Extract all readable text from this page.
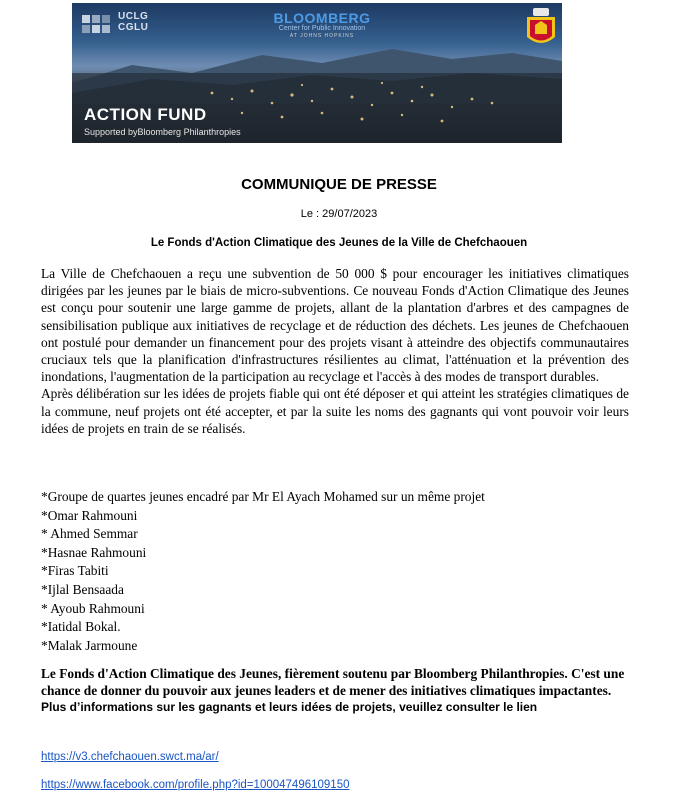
UCLG
CGLU
BLOOMBERG
Center for Public Innovation
AT JOHNS HOPKINS
ACTION FUND
Supported byBloomberg Philanthropies
COMMUNIQUE DE PRESSE
Le : 29/07/2023
Le Fonds d'Action Climatique des Jeunes de la Ville de Chefchaouen

La Ville de Chefchaouen a reçu une subvention de 50 000 $ pour encourager les initiatives climatiques dirigées par les jeunes par le biais de micro-subventions. Ce nouveau Fonds d'Action Climatique des Jeunes est conçu pour soutenir une large gamme de projets, allant de la plantation d'arbres et des campagnes de sensibilisation publique aux initiatives de recyclage et de réduction des déchets. Les jeunes de Chefchaouen ont postulé pour demander un financement pour des projets visant à atteindre des objectifs communautaires cruciaux tels que la planification d'infrastructures résilientes au climat, l'atténuation et la prévention des inondations, l'augmentation de la participation au recyclage et l'accès à des modes de transport durables.

Après délibération sur les idées de projets fiable qui ont été déposer et qui atteint les stratégies climatiques de la commune, neuf projets ont été accepter, et par la suite les noms des gagnants qui vont pouvoir voir leurs idées de projets en train de se réalisés.

*Groupe de quartes jeunes encadré par Mr El Ayach Mohamed sur un même projet
*Omar Rahmouni
* Ahmed Semmar
*Hasnae Rahmouni
*Firas Tabiti
*Ijlal Bensaada
* Ayoub Rahmouni
*Iatidal Bokal.
*Malak Jarmoune
Le Fonds d'Action Climatique des Jeunes, fièrement soutenu par Bloomberg Philanthropies. C'est une chance de donner du pouvoir aux jeunes leaders et de mener des initiatives climatiques impactantes.
Plus d’informations sur les gagnants et leurs idées de projets, veuillez consulter le lien
https://v3.chefchaouen.swct.ma/ar/
https://www.facebook.com/profile.php?id=100047496109150
